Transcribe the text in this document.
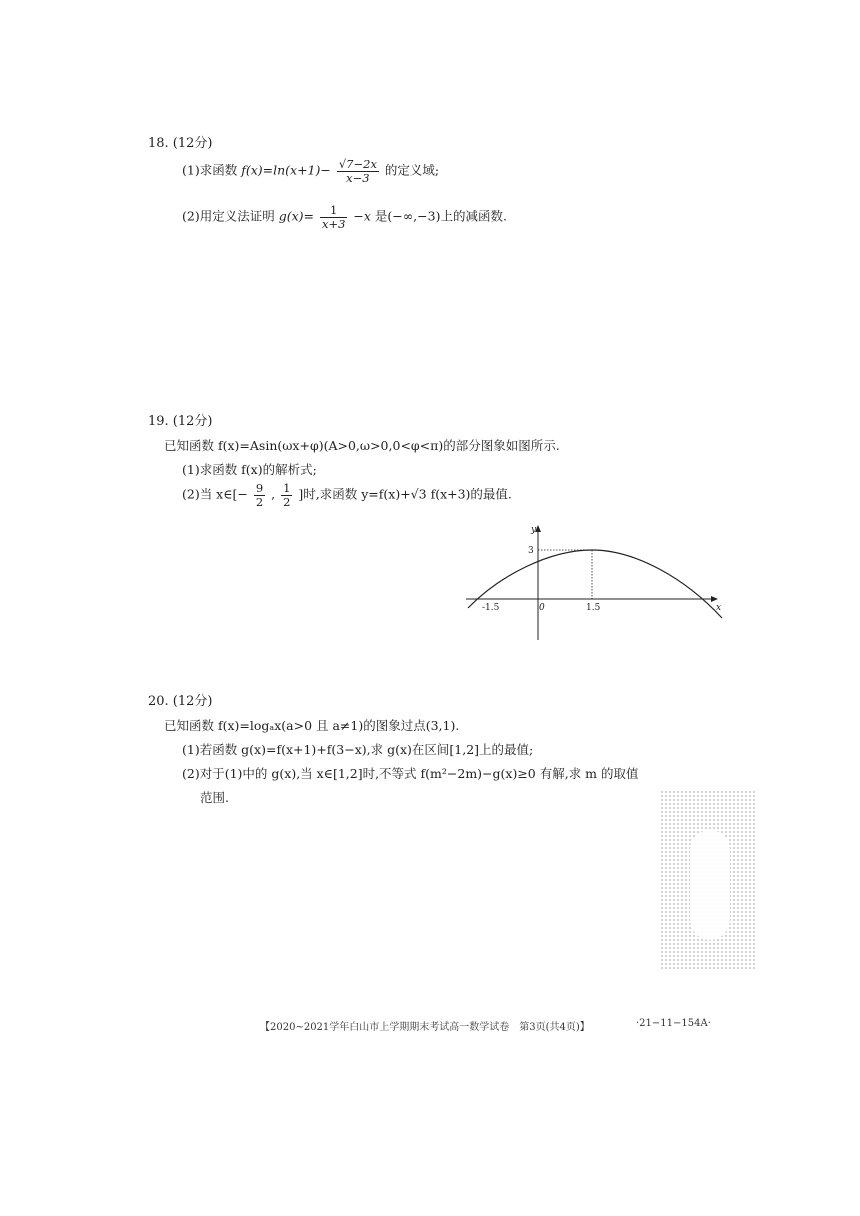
18. (12分)
(1)求函数 $f(x)=\ln(x+1)- \frac{√7-2x}{x-3}$ 的定义域;
(2)用定义法证明 $g(x)= \frac{1}{x+3} -x$ 是(−∞,−3)上的减函数.
19. (12分)
已知函数 f(x)=Asin(ωx+φ)(A>0,ω>0,0<φ<π)的部分图象如图所示.
(1)求函数 f(x)的解析式;
(2)当 x∈[− $\frac{9}{2}$ , $\frac{1}{2}$ ]时,求函数 y=f(x)+√3 f(x+3)的最值.
y
x
3
-1.5	0	1.5
20. (12分)
已知函数 f(x)=logₐx(a>0 且 a≠1)的图象过点(3,1).
(1)若函数 g(x)=f(x+1)+f(3−x),求 g(x)在区间[1,2]上的最值;
(2)对于(1)中的 g(x),当 x∈[1,2]时,不等式 f(m²−2m)−g(x)≥0 有解,求 m 的取值
范围.
【2020~2021学年白山市上学期期末考试高一数学试卷　第3页(共4页)】	·21−11−154A·
